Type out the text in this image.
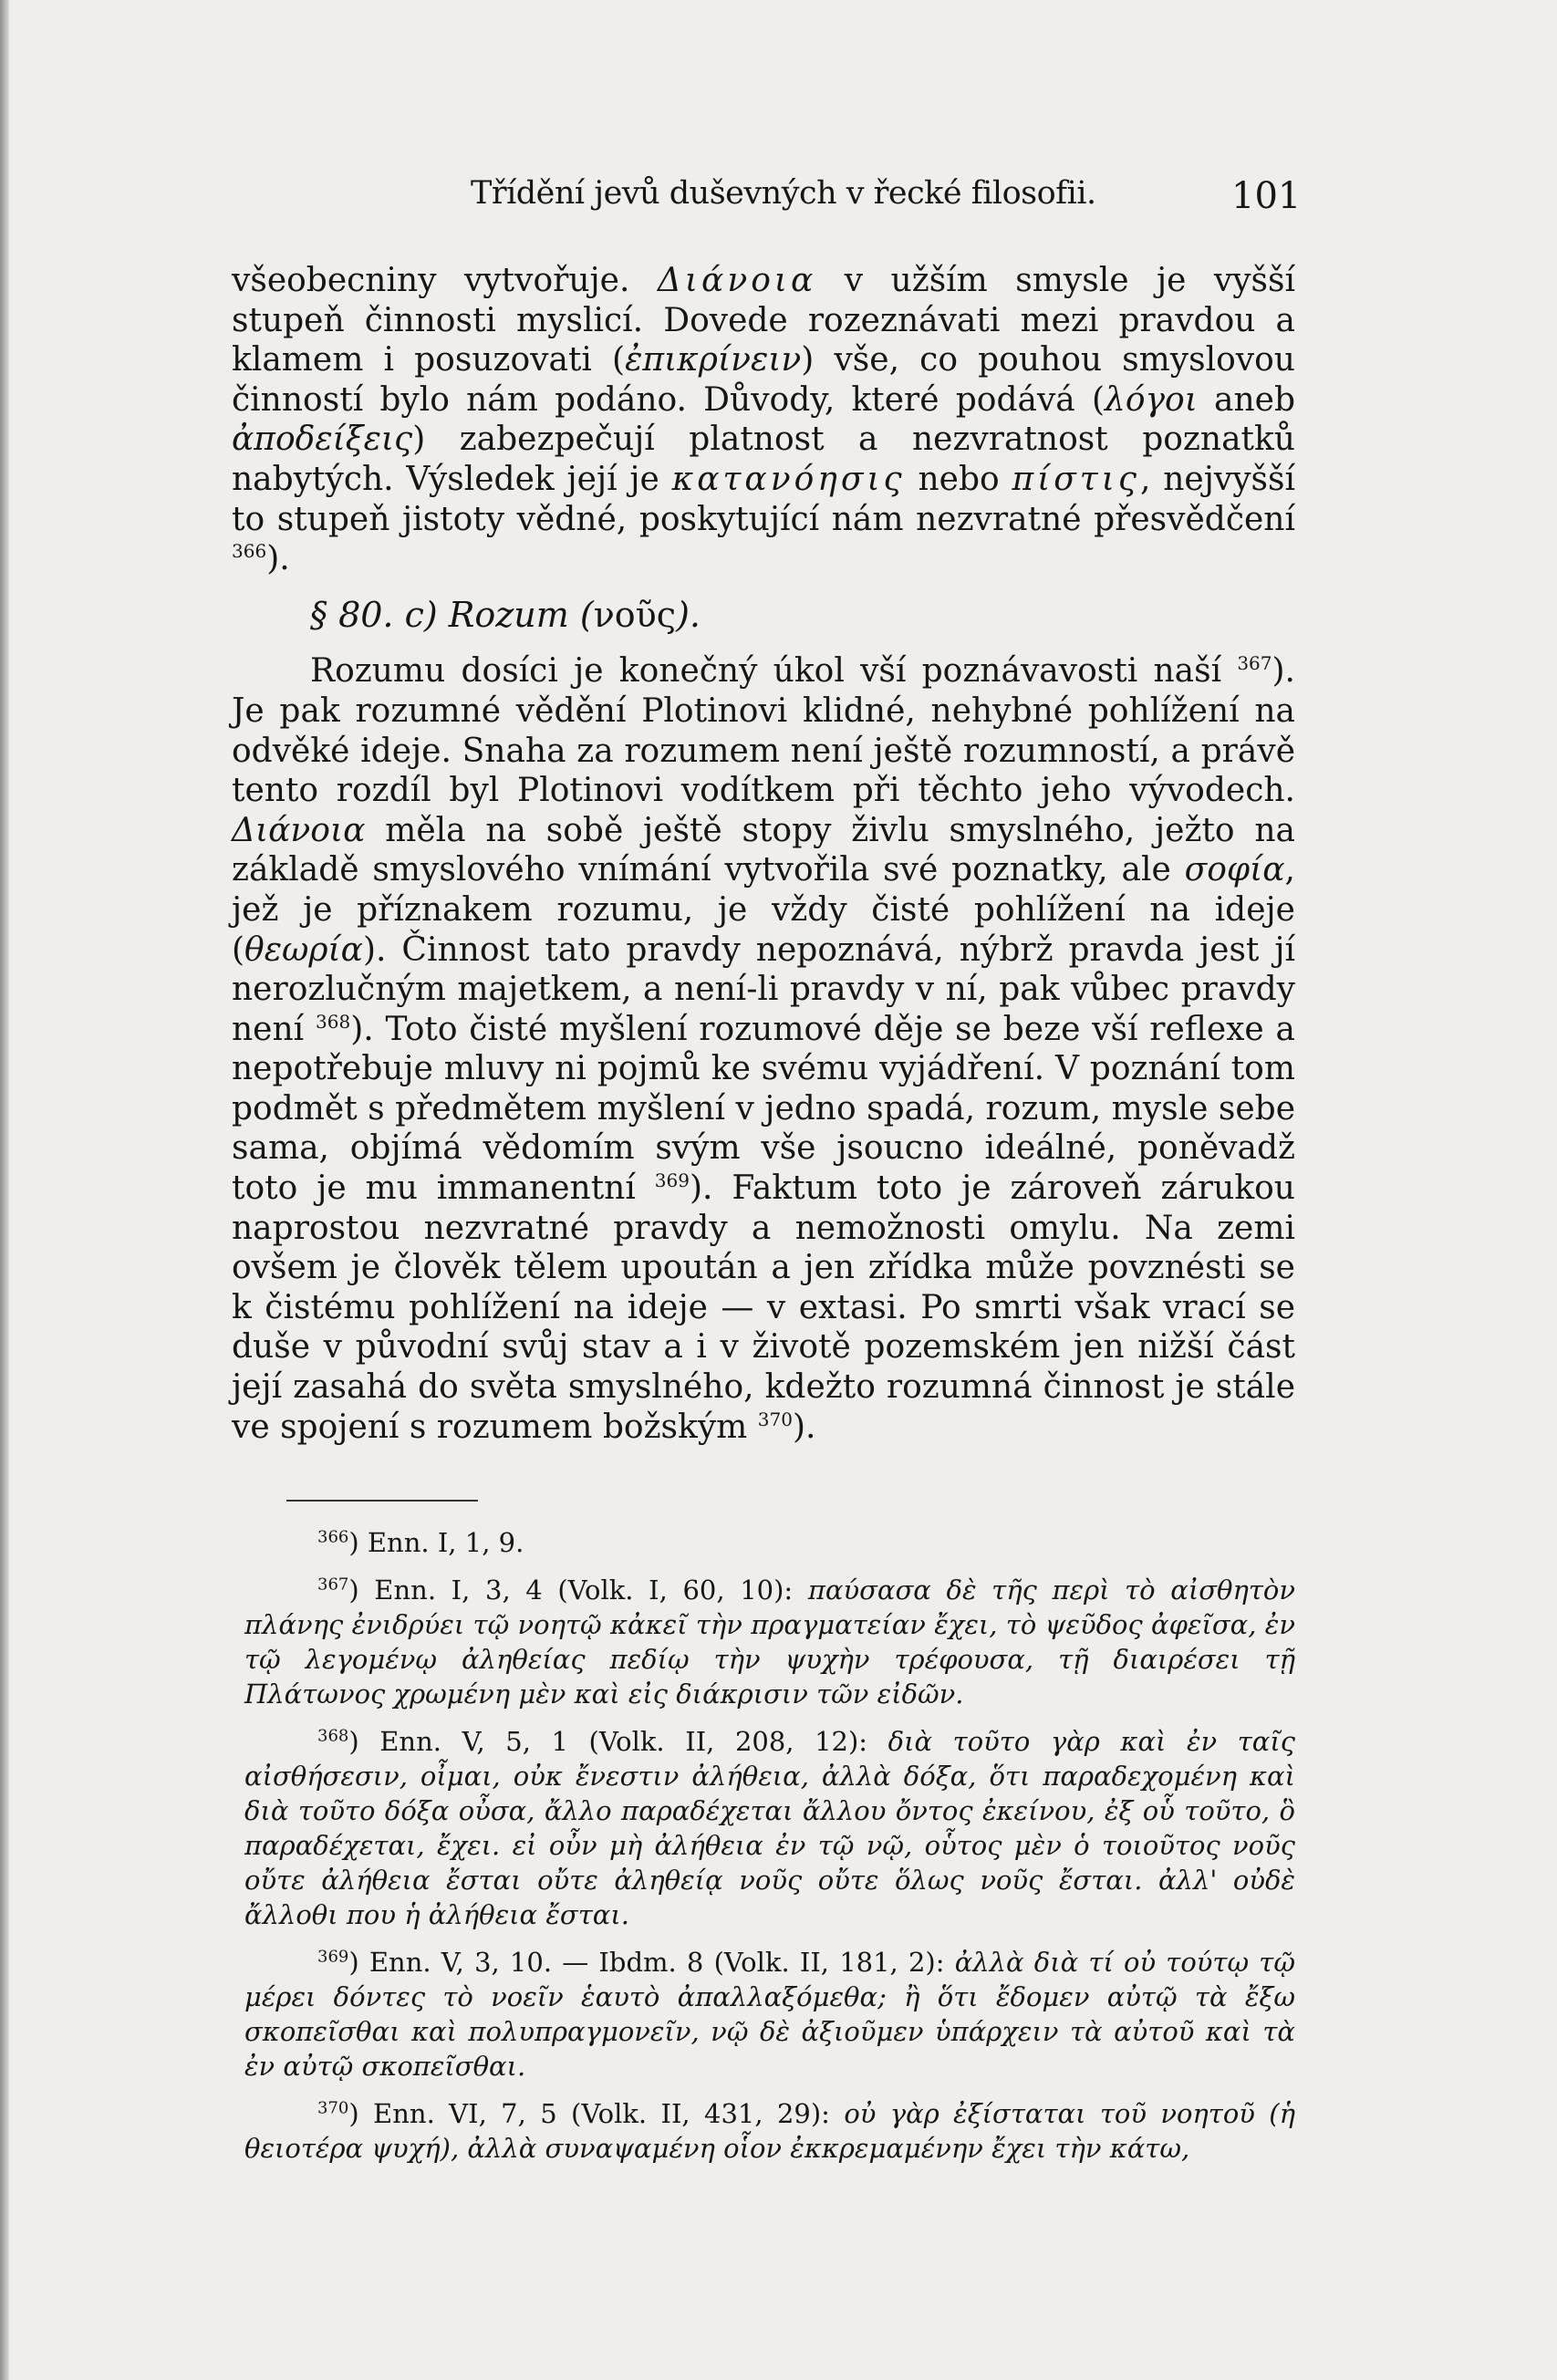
Třídění jevů duševných v řecké filosofii.	101

všeobecniny vytvořuje. Διάνοια v užším smysle je vyšší stupeň činnosti myslicí. Dovede rozeznávati mezi pravdou a klamem i posuzovati (ἐπικρίνειν) vše, co pouhou smyslovou činností bylo nám podáno. Důvody, které podává (λόγοι aneb ἀποδείξεις) zabezpečují platnost a nezvratnost poznatků nabytých. Výsledek její je κατανόησις nebo πίστις, nejvyšší to stupeň jistoty vědné, poskytující nám nezvratné přesvědčení $^{366}$).

§ 80. c) Rozum (νοῦς).

Rozumu dosíci je konečný úkol vší poznávavosti naší $^{367}$). Je pak rozumné vědění Plotinovi klidné, nehybné pohlížení na odvěké ideje. Snaha za rozumem není ještě rozumností, a právě tento rozdíl byl Plotinovi vodítkem při těchto jeho vývodech. Διάνοια měla na sobě ještě stopy živlu smyslného, ježto na základě smyslového vnímání vytvořila své poznatky, ale σοφία, jež je příznakem rozumu, je vždy čisté pohlížení na ideje (θεωρία). Činnost tato pravdy nepoznává, nýbrž pravda jest jí nerozlučným majetkem, a není-li pravdy v ní, pak vůbec pravdy není $^{368}$). Toto čisté myšlení rozumové děje se beze vší reflexe a nepotřebuje mluvy ni pojmů ke svému vyjádření. V poznání tom podmět s předmětem myšlení v jedno spadá, rozum, mysle sebe sama, objímá vědomím svým vše jsoucno ideálné, poněvadž toto je mu immanentní $^{369}$). Faktum toto je zároveň zárukou naprostou nezvratné pravdy a nemožnosti omylu. Na zemi ovšem je člověk tělem upoután a jen zřídka může povznésti se k čistému pohlížení na ideje — v extasi. Po smrti však vrací se duše v původní svůj stav a i v životě pozemském jen nižší část její zasahá do světa smyslného, kdežto rozumná činnost je stále ve spojení s rozumem božským $^{370}$).

$^{366}$) Enn. I, 1, 9.

$^{367}$) Enn. I, 3, 4 (Volk. I, 60, 10): παύσασα δὲ τῆς περὶ τὸ αἰσθητὸν πλάνης ἐνιδρύει τῷ νοητῷ κἀκεῖ τὴν πραγματείαν ἔχει, τὸ ψεῦδος ἀφεῖσα, ἐν τῷ λεγομένῳ ἀληθείας πεδίῳ τὴν ψυχὴν τρέφουσα, τῇ διαιρέσει τῇ Πλάτωνος χρωμένη μὲν καὶ εἰς διάκρισιν τῶν εἰδῶν.

$^{368}$) Enn. V, 5, 1 (Volk. II, 208, 12): διὰ τοῦτο γὰρ καὶ ἐν ταῖς αἰσθήσεσιν, οἶμαι, οὐκ ἔνεστιν ἀλήθεια, ἀλλὰ δόξα, ὅτι παραδεχομένη καὶ διὰ τοῦτο δόξα οὖσα, ἄλλο παραδέχεται ἄλλου ὄντος ἐκείνου, ἐξ οὗ τοῦτο, ὃ παραδέχεται, ἔχει. εἰ οὖν μὴ ἀλήθεια ἐν τῷ νῷ, οὗτος μὲν ὁ τοιοῦτος νοῦς οὔτε ἀλήθεια ἔσται οὔτε ἀληθείᾳ νοῦς οὔτε ὅλως νοῦς ἔσται. ἀλλ' οὐδὲ ἄλλοθι που ἡ ἀλήθεια ἔσται.

$^{369}$) Enn. V, 3, 10. — Ibdm. 8 (Volk. II, 181, 2): ἀλλὰ διὰ τί οὐ τούτῳ τῷ μέρει δόντες τὸ νοεῖν ἑαυτὸ ἀπαλλαξόμεθα; ἢ ὅτι ἔδομεν αὐτῷ τὰ ἔξω σκοπεῖσθαι καὶ πολυπραγμονεῖν, νῷ δὲ ἀξιοῦμεν ὑπάρχειν τὰ αὐτοῦ καὶ τὰ ἐν αὐτῷ σκοπεῖσθαι.

$^{370}$) Enn. VI, 7, 5 (Volk. II, 431, 29): οὐ γὰρ ἐξίσταται τοῦ νοητοῦ (ἡ θειοτέρα ψυχή), ἀλλὰ συναψαμένη οἷον ἐκκρεμαμένην ἔχει τὴν κάτω,
